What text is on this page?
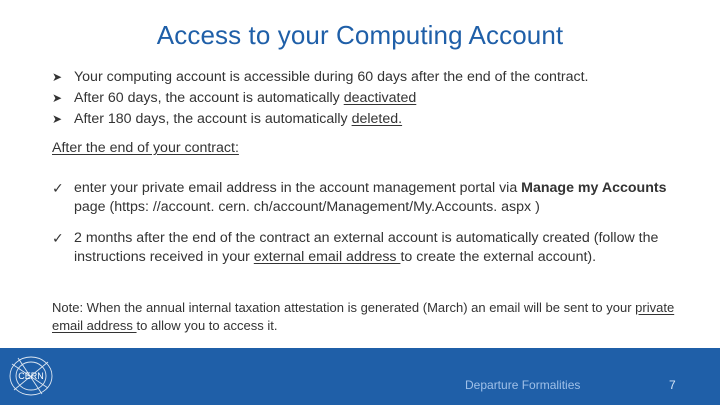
Access to your Computing Account
➤ Your computing account is accessible during 60 days after the end of the contract.
➤ After 60 days, the account is automatically deactivated
➤ After 180 days, the account is automatically deleted.
After the end of your contract:
✓ enter your private email address in the account management portal via Manage my Accounts page (https: //account. cern. ch/account/Management/My.Accounts. aspx )
✓ 2 months after the end of the contract an external account is automatically created (follow the instructions received in your external email address to create the external account).
Note: When the annual internal taxation attestation is generated (March) an email will be sent to your private email address to allow you to access it.
CERN
Departure Formalities	7
